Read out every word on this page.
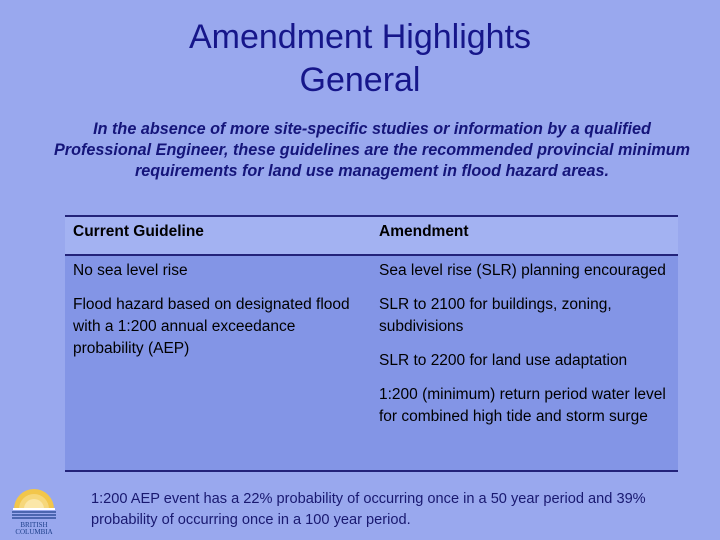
Amendment Highlights
General
In the absence of more site-specific studies or information by a qualified Professional Engineer, these guidelines are the recommended provincial minimum requirements for land use management in flood hazard areas.
Current Guideline	Amendment
No sea level rise
Flood hazard based on designated flood with a 1:200 annual exceedance probability (AEP)
Sea level rise (SLR) planning encouraged
SLR to 2100 for buildings, zoning, subdivisions
SLR to 2200 for land use adaptation
1:200 (minimum) return period water level for combined high tide and storm surge
1:200 AEP event has a 22% probability of occurring once in a 50 year period and 39% probability of occurring once in a 100 year period.
BRITISH
COLUMBIA
